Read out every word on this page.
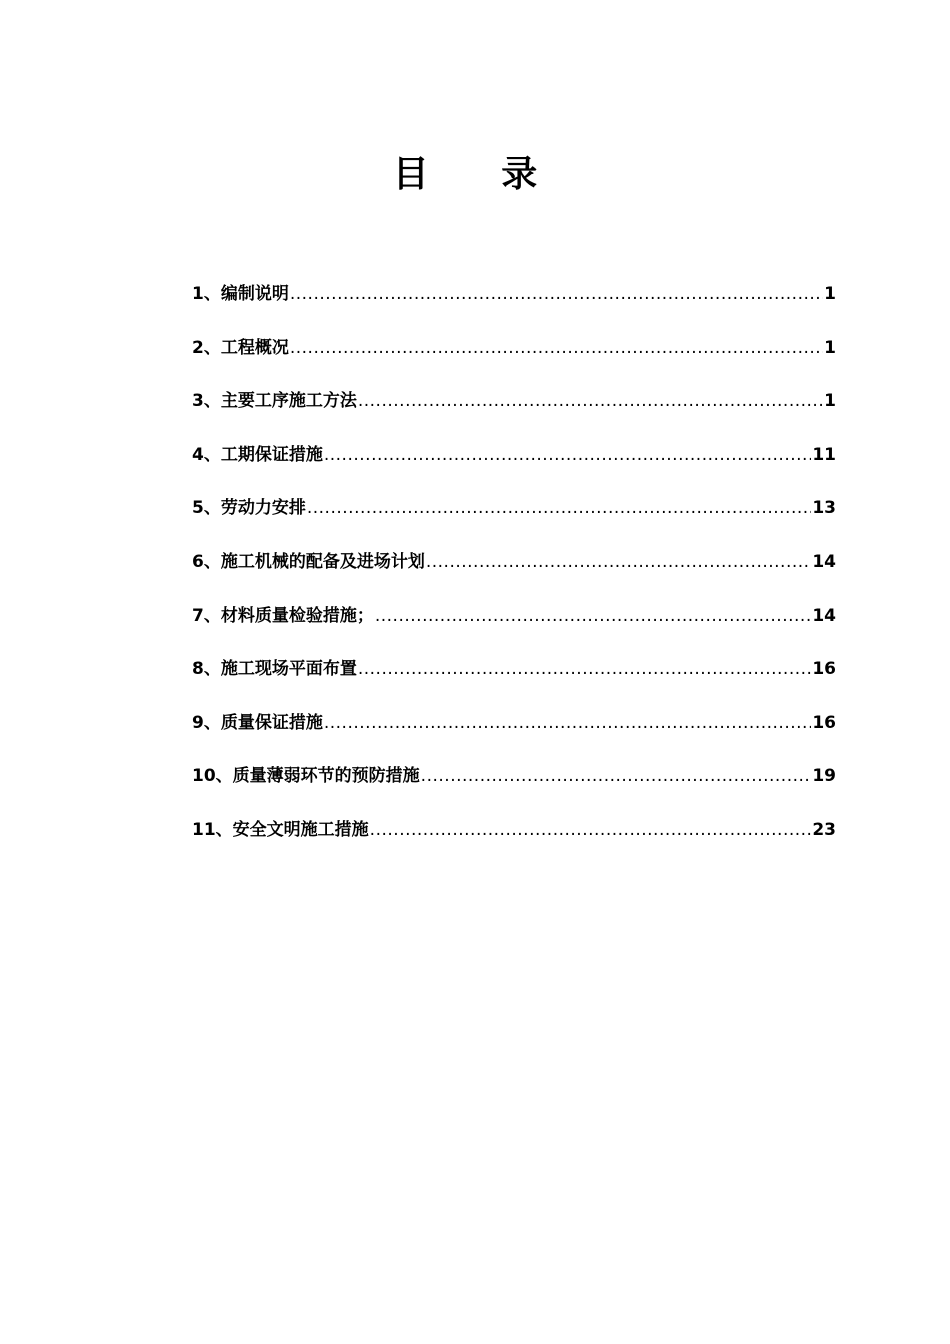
目 录
1、编制说明 .....	1
2、工程概况 .....	1
3、主要工序施工方法 .....	1
4、工期保证措施 .....	11
5、劳动力安排 .....	13
6、施工机械的配备及进场计划 .....	14
7、材料质量检验措施； .....	14
8、施工现场平面布置 .....	16
9、质量保证措施 .....	16
10、质量薄弱环节的预防措施 .....	19
11、安全文明施工措施 .....	23
